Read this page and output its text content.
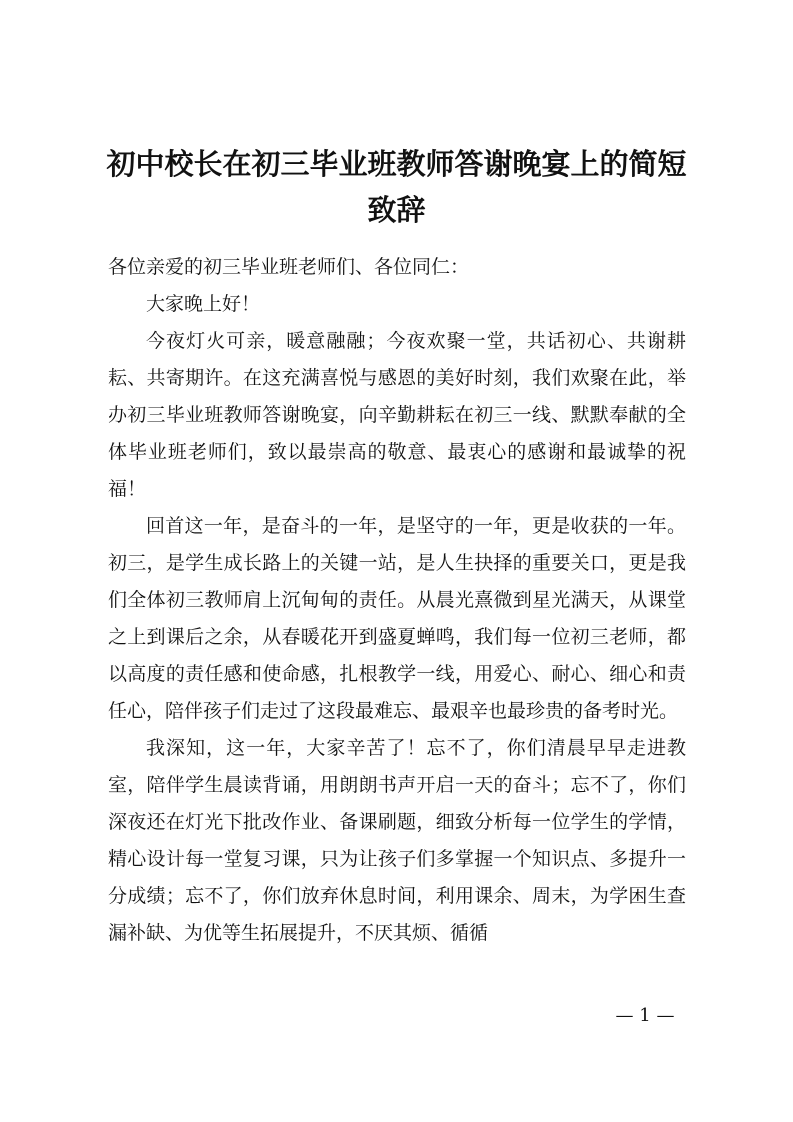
初中校长在初三毕业班教师答谢晚宴上的简短致辞

各位亲爱的初三毕业班老师们、各位同仁：

大家晚上好！

今夜灯火可亲，暖意融融；今夜欢聚一堂，共话初心、共谢耕耘、共寄期许。在这充满喜悦与感恩的美好时刻，我们欢聚在此，举办初三毕业班教师答谢晚宴，向辛勤耕耘在初三一线、默默奉献的全体毕业班老师们，致以最崇高的敬意、最衷心的感谢和最诚挚的祝福！

回首这一年，是奋斗的一年，是坚守的一年，更是收获的一年。初三，是学生成长路上的关键一站，是人生抉择的重要关口，更是我们全体初三教师肩上沉甸甸的责任。从晨光熹微到星光满天，从课堂之上到课后之余，从春暖花开到盛夏蝉鸣，我们每一位初三老师，都以高度的责任感和使命感，扎根教学一线，用爱心、耐心、细心和责任心，陪伴孩子们走过了这段最难忘、最艰辛也最珍贵的备考时光。

我深知，这一年，大家辛苦了！忘不了，你们清晨早早走进教室，陪伴学生晨读背诵，用朗朗书声开启一天的奋斗；忘不了，你们深夜还在灯光下批改作业、备课刷题，细致分析每一位学生的学情，精心设计每一堂复习课，只为让孩子们多掌握一个知识点、多提升一分成绩；忘不了，你们放弃休息时间，利用课余、周末，为学困生查漏补缺、为优等生拓展提升，不厌其烦、循循

— 1 —
